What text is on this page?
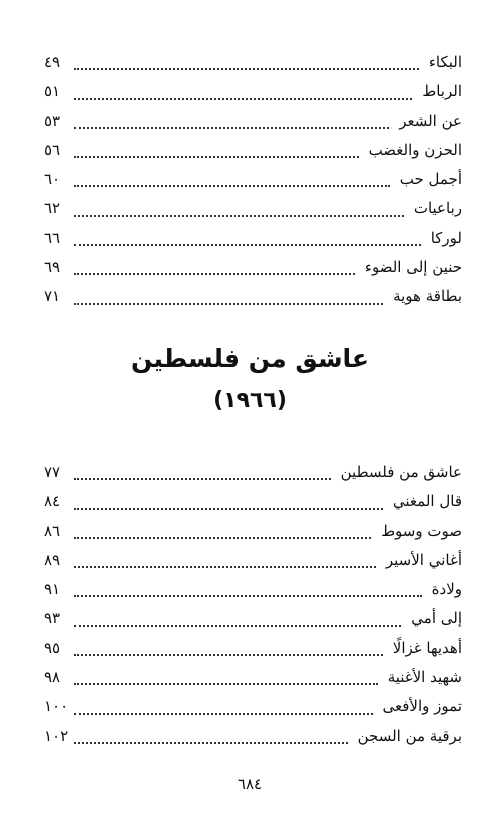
البكاء
٤٩
الرباط
٥١
عن الشعر
٥٣
الحزن والغضب
٥٦
أجمل حب
٦٠
رباعيات
٦٢
لوركا
٦٦
حنين إلى الضوء
٦٩
بطاقة هوية
٧١
عاشق من فلسطين
(١٩٦٦)
عاشق من فلسطين
٧٧
قال المغني
٨٤
صوت وسوط
٨٦
أغاني الأسير
٨٩
ولادة
٩١
إلى أمي
٩٣
أهديها غزالًا
٩٥
شهيد الأغنية
٩٨
تموز والأفعى
١٠٠
برقية من السجن
١٠٢
٦٨٤
